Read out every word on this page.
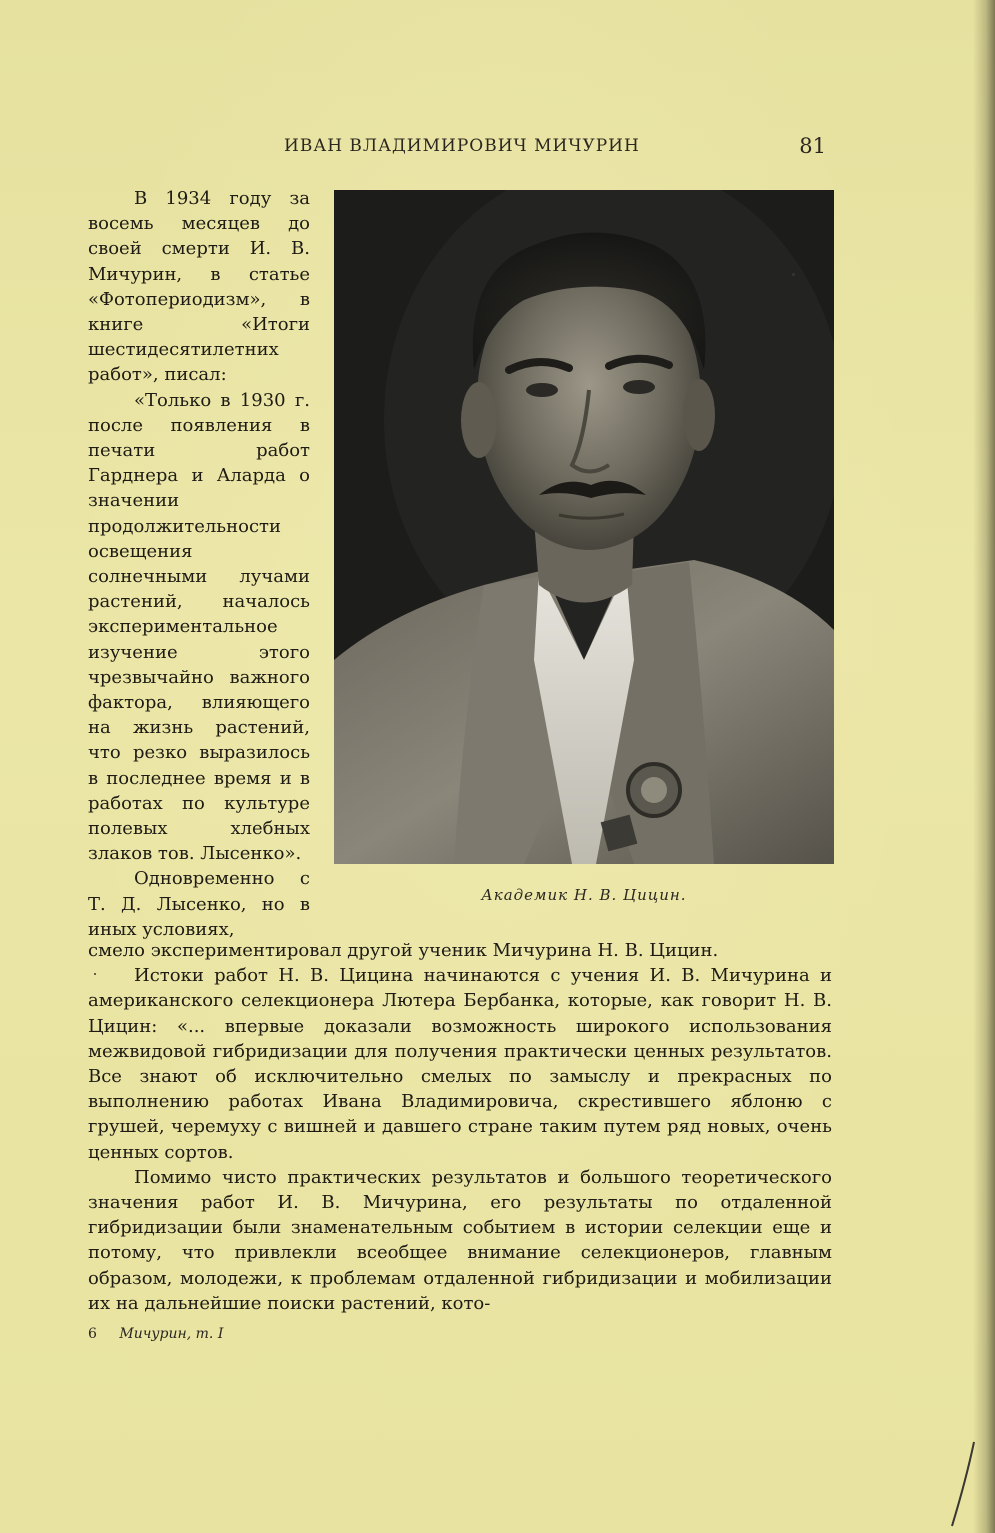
ИВАН ВЛАДИМИРОВИЧ МИЧУРИН	81

В 1934 году за восемь месяцев до своей смерти И. В. Мичурин, в статье «Фотопериодизм», в книге «Итоги шестидесятилетних работ», писал:

«Только в 1930 г. после появления в печати работ Гарднера и Аларда о значении продолжительности освещения солнечными лучами растений, началось экспериментальное изучение этого чрезвычайно важного фактора, влияющего на жизнь растений, что резко выразилось в последнее время и в работах по культуре полевых хлебных злаков тов. Лысенко».

Одновременно с Т. Д. Лысенко, но в иных условиях,

Академик Н. В. Цицин.

смело экспериментировал другой ученик Мичурина Н. В. Цицин.

Истоки работ Н. В. Цицина начинаются с учения И. В. Мичурина и американского селекционера Лютера Бербанка, которые, как говорит Н. В. Цицин: «... впервые доказали возможность широкого использования межвидовой гибридизации для получения практически ценных результатов. Все знают об исключительно смелых по замыслу и прекрасных по выполнению работах Ивана Владимировича, скрестившего яблоню с грушей, черемуху с вишней и давшего стране таким путем ряд новых, очень ценных сортов.

Помимо чисто практических результатов и большого теоретического значения работ И. В. Мичурина, его результаты по отдаленной гибридизации были знаменательным событием в истории селекции еще и потому, что привлекли всеобщее внимание селекционеров, главным образом, молодежи, к проблемам отдаленной гибридизации и мобилизации их на дальнейшие поиски растений, кото-

6 Мичурин, т. I
